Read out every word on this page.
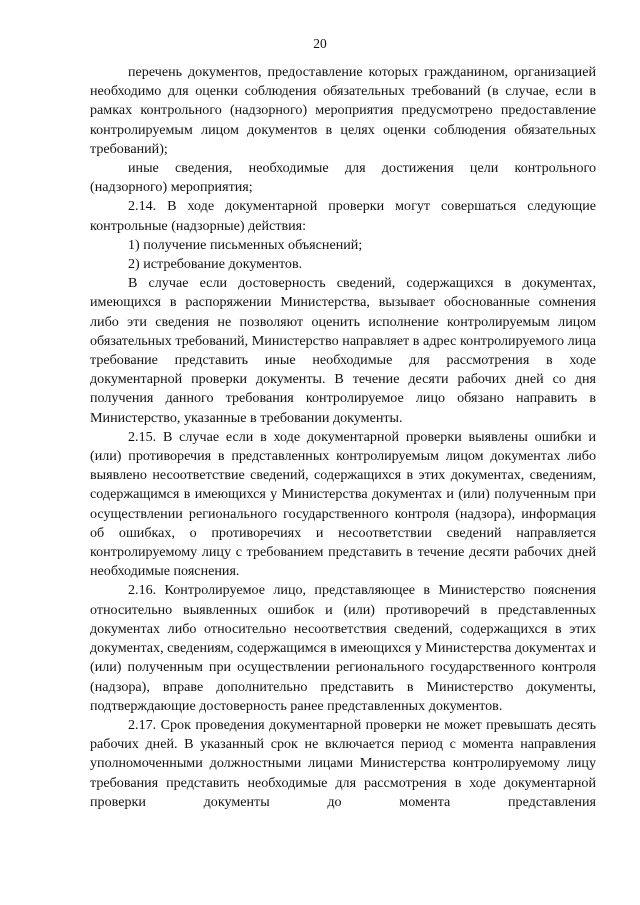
20

перечень документов, предоставление которых гражданином, организацией необходимо для оценки соблюдения обязательных требований (в случае, если в рамках контрольного (надзорного) мероприятия предусмотрено предоставление контролируемым лицом документов в целях оценки соблюдения обязательных требований);

иные сведения, необходимые для достижения цели контрольного (надзорного) мероприятия;

2.14. В ходе документарной проверки могут совершаться следующие контрольные (надзорные) действия:

1) получение письменных объяснений;

2) истребование документов.

В случае если достоверность сведений, содержащихся в документах, имеющихся в распоряжении Министерства, вызывает обоснованные сомнения либо эти сведения не позволяют оценить исполнение контролируемым лицом обязательных требований, Министерство направляет в адрес контролируемого лица требование представить иные необходимые для рассмотрения в ходе документарной проверки документы. В течение десяти рабочих дней со дня получения данного требования контролируемое лицо обязано направить в Министерство, указанные в требовании документы.

2.15. В случае если в ходе документарной проверки выявлены ошибки и (или) противоречия в представленных контролируемым лицом документах либо выявлено несоответствие сведений, содержащихся в этих документах, сведениям, содержащимся в имеющихся у Министерства документах и (или) полученным при осуществлении регионального государственного контроля (надзора), информация об ошибках, о противоречиях и несоответствии сведений направляется контролируемому лицу с требованием представить в течение десяти рабочих дней необходимые пояснения.

2.16. Контролируемое лицо, представляющее в Министерство пояснения относительно выявленных ошибок и (или) противоречий в представленных документах либо относительно несоответствия сведений, содержащихся в этих документах, сведениям, содержащимся в имеющихся у Министерства документах и (или) полученным при осуществлении регионального государственного контроля (надзора), вправе дополнительно представить в Министерство документы, подтверждающие достоверность ранее представленных документов.

2.17. Срок проведения документарной проверки не может превышать десять рабочих дней. В указанный срок не включается период с момента направления уполномоченными должностными лицами Министерства контролируемому лицу требования представить необходимые для рассмотрения в ходе документарной проверки документы до момента представления
